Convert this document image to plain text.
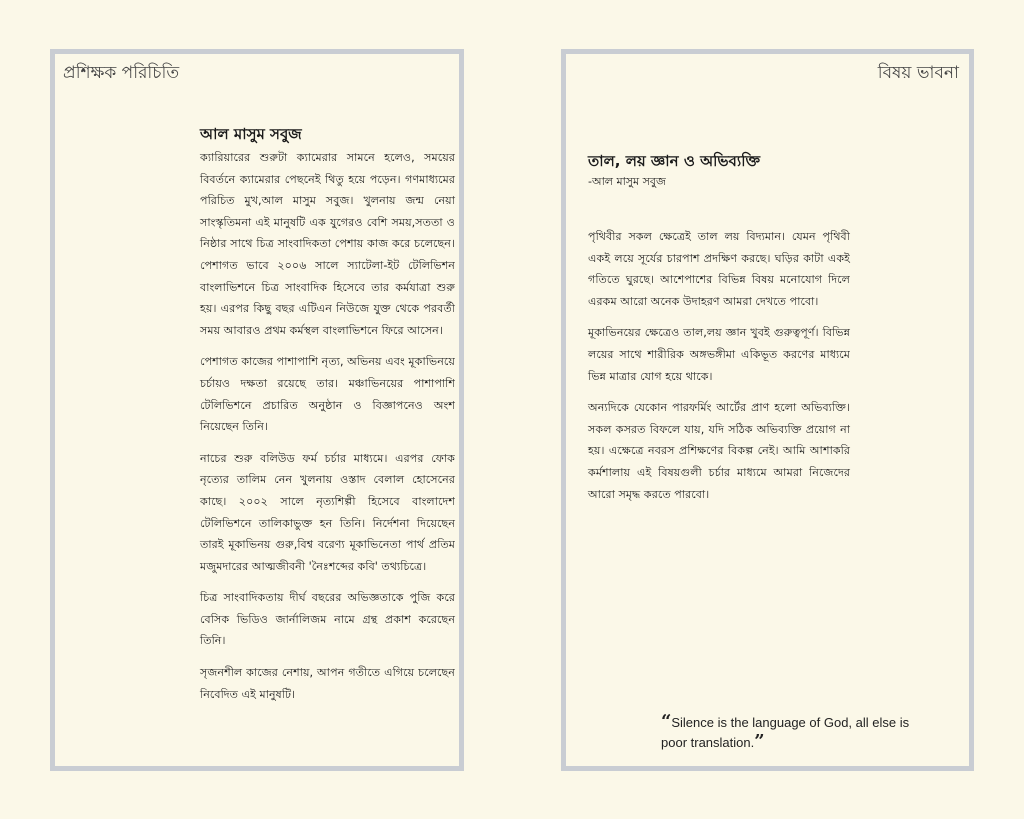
প্রশিক্ষক পরিচিতি
আল মাসুম সবুজ

ক্যারিয়ারের শুরুটা ক্যামেরার সামনে হলেও, সময়ের বিবর্তনে ক্যামেরার পেছনেই থিতু হয়ে পড়েন। গণমাধ্যমের পরিচিত মুখ,আল মাসুম সবুজ। খুলনায় জন্ম নেয়া সাংস্কৃতিমনা এই মানুষটি এক যুগেরও বেশি সময়,সততা ও নিষ্ঠার সাথে চিত্র সাংবাদিকতা পেশায় কাজ করে চলেছেন। পেশাগত ভাবে ২০০৬ সালে স্যাটেলা-ইট টেলিভিশন বাংলাভিশনে চিত্র সাংবাদিক হিসেবে তার কর্মযাত্রা শুরু হয়। এরপর কিছু বছর এটিএন নিউজে যুক্ত থেকে পরবর্তী সময় আবারও প্রথম কর্মস্থল বাংলাভিশনে ফিরে আসেন।

পেশাগত কাজের পাশাপাশি নৃত্য, অভিনয় এবং মূকাভিনয়ে চর্চায়ও দক্ষতা রয়েছে তার। মঞ্চাভিনয়ের পাশাপাশি টেলিভিশনে প্রচারিত অনুষ্ঠান ও বিজ্ঞাপনেও অংশ নিয়েছেন তিনি।

নাচের শুরু বলিউড ফর্ম চর্চার মাধ্যমে। এরপর ফোক নৃত্যের তালিম নেন খুলনায় ওস্তাদ বেলাল হোসেনের কাছে। ২০০২ সালে নৃত্যশিল্পী হিসেবে বাংলাদেশ টেলিভিশনে তালিকাভুক্ত হন তিনি। নির্দেশনা দিয়েছেন তারই মূকাভিনয় গুরু,বিশ্ব বরেণ্য মূকাভিনেতা পার্থ প্রতিম মজুমদারের আত্মজীবনী 'নৈঃশব্দের কবি' তথ্যচিত্রে।

চিত্র সাংবাদিকতায় দীর্ঘ বছরের অভিজ্ঞতাকে পুজি করে বেসিক ভিডিও জার্নালিজম নামে গ্রন্থ প্রকাশ করেছেন তিনি।

সৃজনশীল কাজের নেশায়, আপন গতীতে এগিয়ে চলেছেন নিবেদিত এই মানুষটি।

বিষয় ভাবনা
তাল, লয় জ্ঞান ও অভিব্যক্তি

-আল মাসুম সবুজ

পৃথিবীর সকল ক্ষেত্রেই তাল লয় বিদ্যমান। যেমন পৃথিবী একই লয়ে সূর্যের চারপাশ প্রদক্ষিণ করছে। ঘড়ির কাটা একই গতিতে ঘুরছে। আশেপাশের বিভিন্ন বিষয় মনোযোগ দিলে এরকম আরো অনেক উদাহরণ আমরা দেখতে পাবো।

মূকাভিনয়ের ক্ষেত্রেও তাল,লয় জ্ঞান খুবই গুরুত্বপূর্ণ। বিভিন্ন লয়ের সাথে শারীরিক অঙ্গভঙ্গীমা একিভূত করণের মাধ্যমে ভিন্ন মাত্রার যোগ হয়ে থাকে।

অন্যদিকে যেকোন পারফর্মিং আর্টের প্রাণ হলো অভিব্যক্তি। সকল কসরত বিফলে যায়, যদি সঠিক অভিব্যক্তি প্রয়োগ না হয়। এক্ষেত্রে নবরস প্রশিক্ষণের বিকল্প নেই। আমি আশাকরি কর্মশালায় এই বিষয়গুলী চর্চার মাধ্যমে আমরা নিজেদের আরো সমৃদ্ধ করতে পারবো।

“Silence is the language of God, all else is poor translation.”
